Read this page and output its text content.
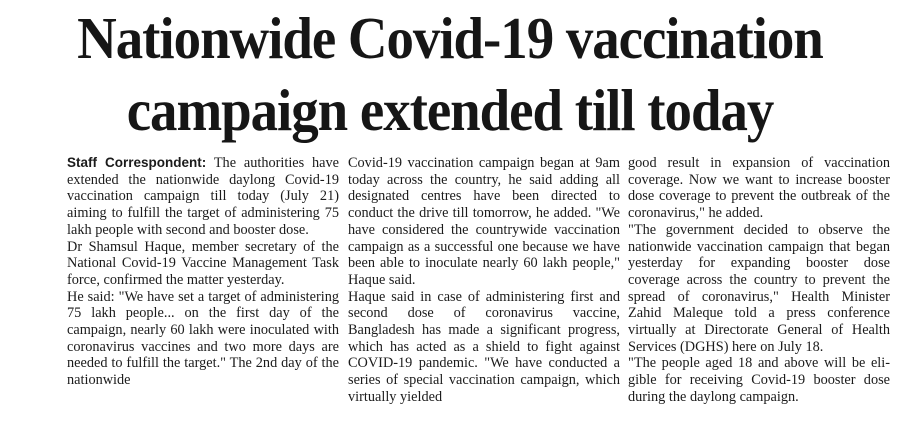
Nationwide Covid-19 vaccination
campaign extended till today

Staff Correspondent: The authorities have extended the nationwide daylong Covid-19 vaccination campaign till today (July 21) aiming to fulfill the target of administering 75 lakh people with second and booster dose.

Dr Shamsul Haque, member secretary of the National Covid-19 Vaccine Management Task force, confirmed the matter yesterday.

He said: "We have set a target of administering 75 lakh people... on the first day of the campaign, nearly 60 lakh were inoculated with coronavirus vaccines and two more days are needed to fulfill the target." The 2nd day of the nationwide

Covid-19 vaccination campaign began at 9am today across the country, he said adding all designated centres have been directed to conduct the drive till tomorrow, he added. "We have considered the countrywide vaccination campaign as a successful one because we have been able to inoculate nearly 60 lakh people," Haque said.

Haque said in case of administering first and second dose of coronavirus vaccine, Bangladesh has made a significant progress, which has acted as a shield to fight against COVID-19 pandemic. "We have conducted a series of special vaccination campaign, which virtually yielded

good result in expansion of vaccination coverage. Now we want to increase booster dose coverage to prevent the outbreak of the coronavirus," he added.

"The government decided to observe the nationwide vaccination campaign that began yesterday for expanding booster dose coverage across the country to prevent the spread of coronavirus," Health Minister Zahid Maleque told a press conference virtually at Directorate General of Health Services (DGHS) here on July 18.

"The people aged 18 and above will be eligible for receiving Covid-19 booster dose during the daylong campaign.
